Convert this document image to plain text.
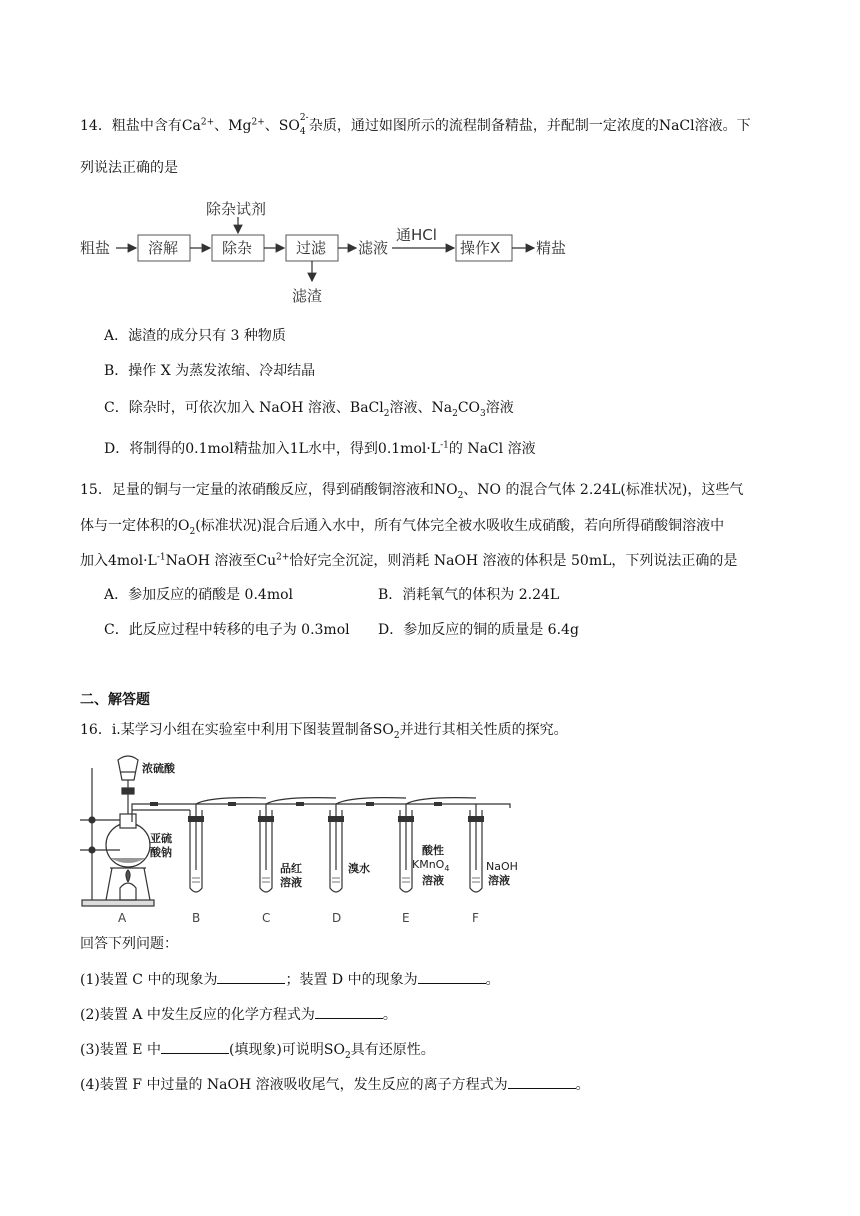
14．粗盐中含有$Ca^{2+}$、$Mg^{2+}$、SO 2-
4 杂质，通过如图所示的流程制备精盐，并配制一定浓度的NaCl溶液。下
列说法正确的是
除杂试剂
粗盐	溶解	除杂	过滤 滤液
通HCl
操作X 精盐
滤渣
A．滤渣的成分只有 3 种物质
B．操作 X 为蒸发浓缩、冷却结晶
C．除杂时，可依次加入 NaOH 溶液、BaCl$_2$溶液、$Na_2CO_3$溶液
D．将制得的0.1mol精盐加入1L水中，得到$0.1mol\cdot L^{-1}$的 NaCl 溶液
15．足量的铜与一定量的浓硝酸反应，得到硝酸铜溶液和$NO_2$、NO 的混合气体 2.24L(标准状况)，这些气
体与一定体积的$O_2$(标准状况)混合后通入水中，所有气体完全被水吸收生成硝酸，若向所得硝酸铜溶液中
加入$4mol\cdot L^{-1}NaOH$ 溶液至$Cu^{2+}$恰好完全沉淀，则消耗 NaOH 溶液的体积是 50mL，下列说法正确的是
A．参加反应的硝酸是 0.4mol	B．消耗氧气的体积为 2.24L
C．此反应过程中转移的电子为 0.3mol D．参加反应的铜的质量是 6.4g
二、解答题
16．ⅰ.某学习小组在实验室中利用下图装置制备$SO_2$并进行其相关性质的探究。
浓硫酸
亚硫
酸钠
品红
溶液
溴水
酸性
KMnO$_4$
溶液
NaOH
溶液
A	B	C	D	E	F
回答下列问题：
(1)装置 C 中的现象为	；装置 D 中的现象为	。
(2)装置 A 中发生反应的化学方程式为	。
(3)装置 E 中	(填现象)可说明$SO_2$具有还原性。
(4)装置 F 中过量的 NaOH 溶液吸收尾气，发生反应的离子方程式为	。
